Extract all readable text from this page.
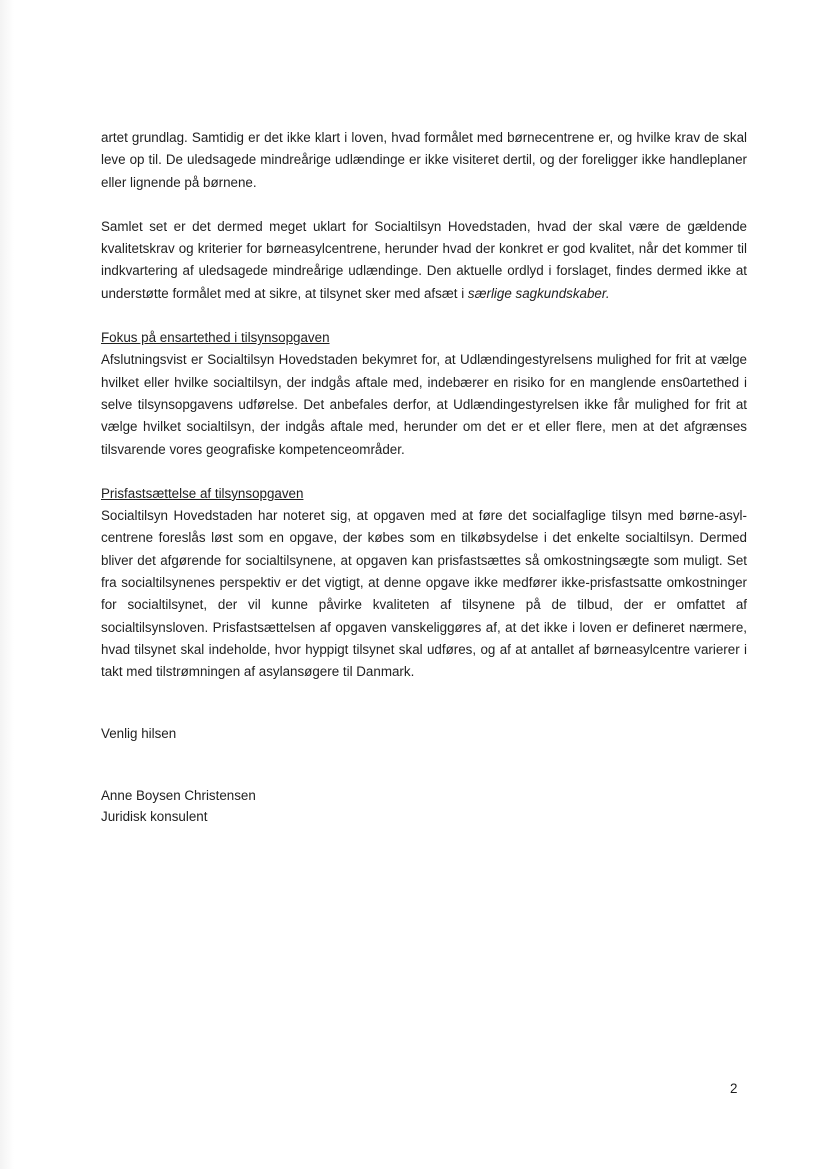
artet grundlag. Samtidig er det ikke klart i loven, hvad formålet med børnecentrene er, og hvilke krav de skal leve op til. De uledsagede mindreårige udlændinge er ikke visiteret dertil, og der foreligger ikke handleplaner eller lignende på børnene.

Samlet set er det dermed meget uklart for Socialtilsyn Hovedstaden, hvad der skal være de gældende kvalitetskrav og kriterier for børneasylcentrene, herunder hvad der konkret er god kvalitet, når det kommer til indkvartering af uledsagede mindreårige udlændinge. Den aktuelle ordlyd i forslaget, findes dermed ikke at understøtte formålet med at sikre, at tilsynet sker med afsæt i særlige sagkundskaber.

Fokus på ensartethed i tilsynsopgaven

Afslutningsvist er Socialtilsyn Hovedstaden bekymret for, at Udlændingestyrelsens mulighed for frit at vælge hvilket eller hvilke socialtilsyn, der indgås aftale med, indebærer en risiko for en manglende ens0artethed i selve tilsynsopgavens udførelse. Det anbefales derfor, at Udlændingestyrelsen ikke får mulighed for frit at vælge hvilket socialtilsyn, der indgås aftale med, herunder om det er et eller flere, men at det afgrænses tilsvarende vores geografiske kompetenceområder.

Prisfastsættelse af tilsynsopgaven

Socialtilsyn Hovedstaden har noteret sig, at opgaven med at føre det socialfaglige tilsyn med børne-asylcentrene foreslås løst som en opgave, der købes som en tilkøbsydelse i det enkelte socialtilsyn. Dermed bliver det afgørende for socialtilsynene, at opgaven kan prisfastsættes så omkostningsægte som muligt. Set fra socialtilsynenes perspektiv er det vigtigt, at denne opgave ikke medfører ikke-prisfastsatte omkostninger for socialtilsynet, der vil kunne påvirke kvaliteten af tilsynene på de tilbud, der er omfattet af socialtilsynsloven. Prisfastsættelsen af opgaven vanskeliggøres af, at det ikke i loven er defineret nærmere, hvad tilsynet skal indeholde, hvor hyppigt tilsynet skal udføres, og af at antallet af børneasylcentre varierer i takt med tilstrømningen af asylansøgere til Danmark.

Venlig hilsen

Anne Boysen Christensen
Juridisk konsulent
2
